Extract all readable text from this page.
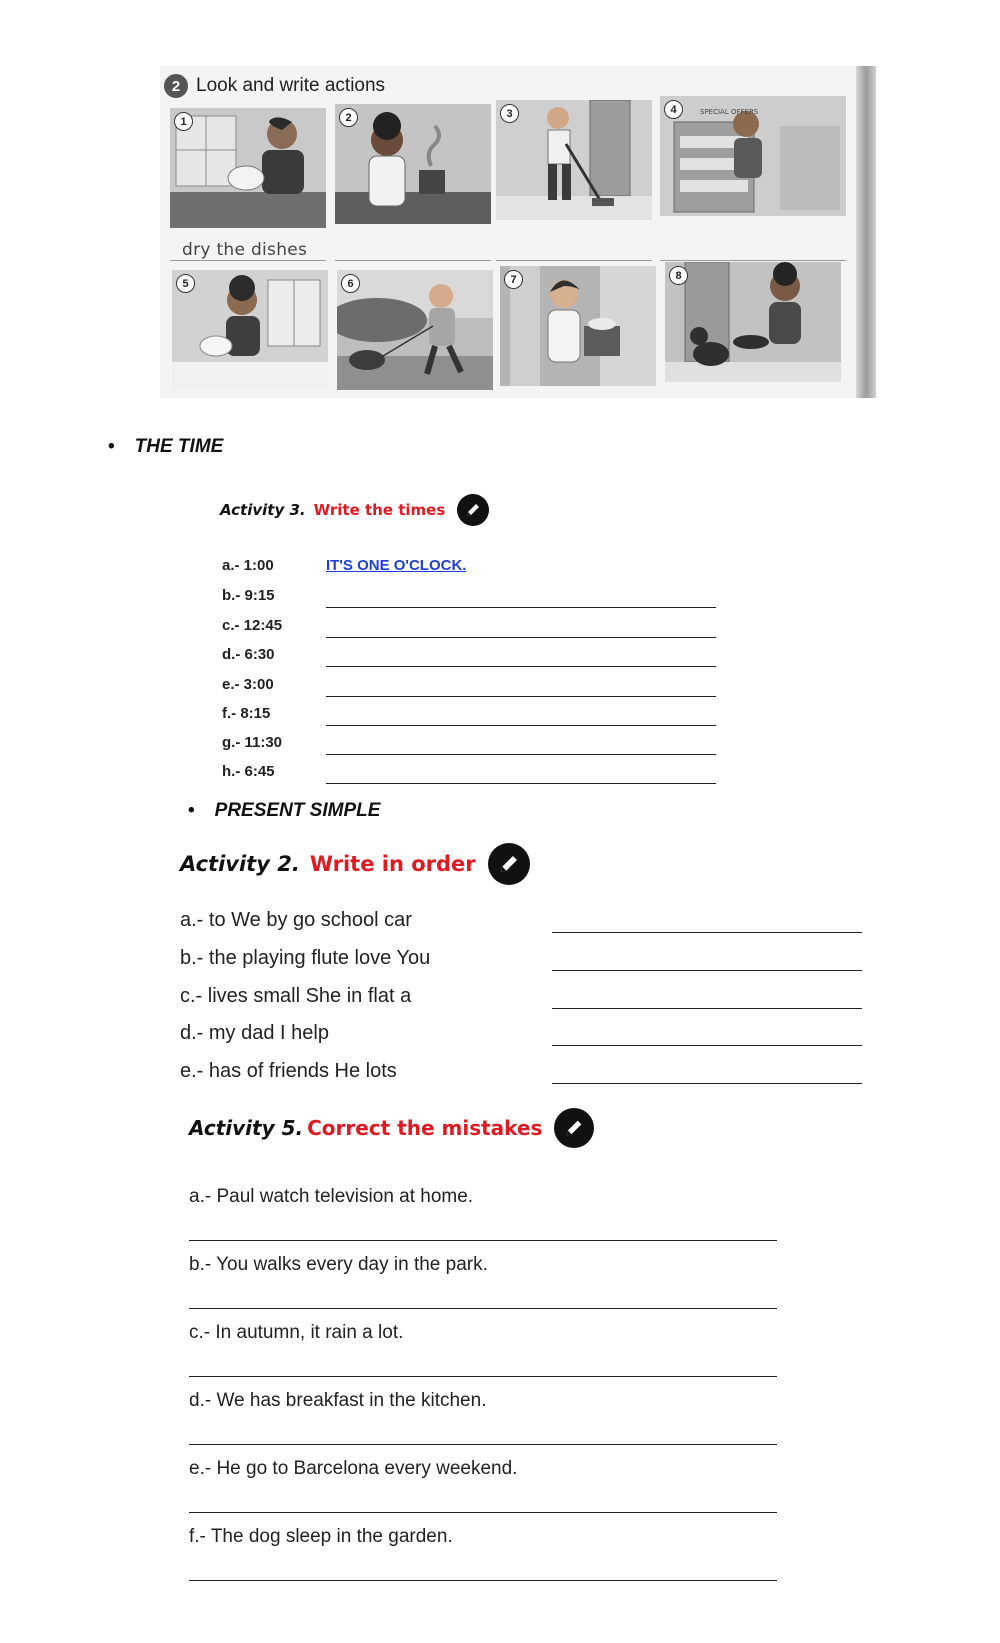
2 Look and write actions
1	2	3	SPECIAL OFFERS
4
dry the dishes
5	6	7	8
• THE TIME
Activity 3. Write the times
a.- 1:00	IT'S ONE O'CLOCK.
b.- 9:15
c.- 12:45
d.- 6:30
e.- 3:00
f.- 8:15
g.- 11:30
h.- 6:45
• PRESENT SIMPLE
Activity 2. Write in order
a.- to We by go school car
b.- the playing flute love You
c.- lives small She in flat a
d.- my dad I help
e.- has of friends He lots
Activity 5. Correct the mistakes
a.- Paul watch television at home.
b.- You walks every day in the park.
c.- In autumn, it rain a lot.
d.- We has breakfast in the kitchen.
e.- He go to Barcelona every weekend.
f.- The dog sleep in the garden.
